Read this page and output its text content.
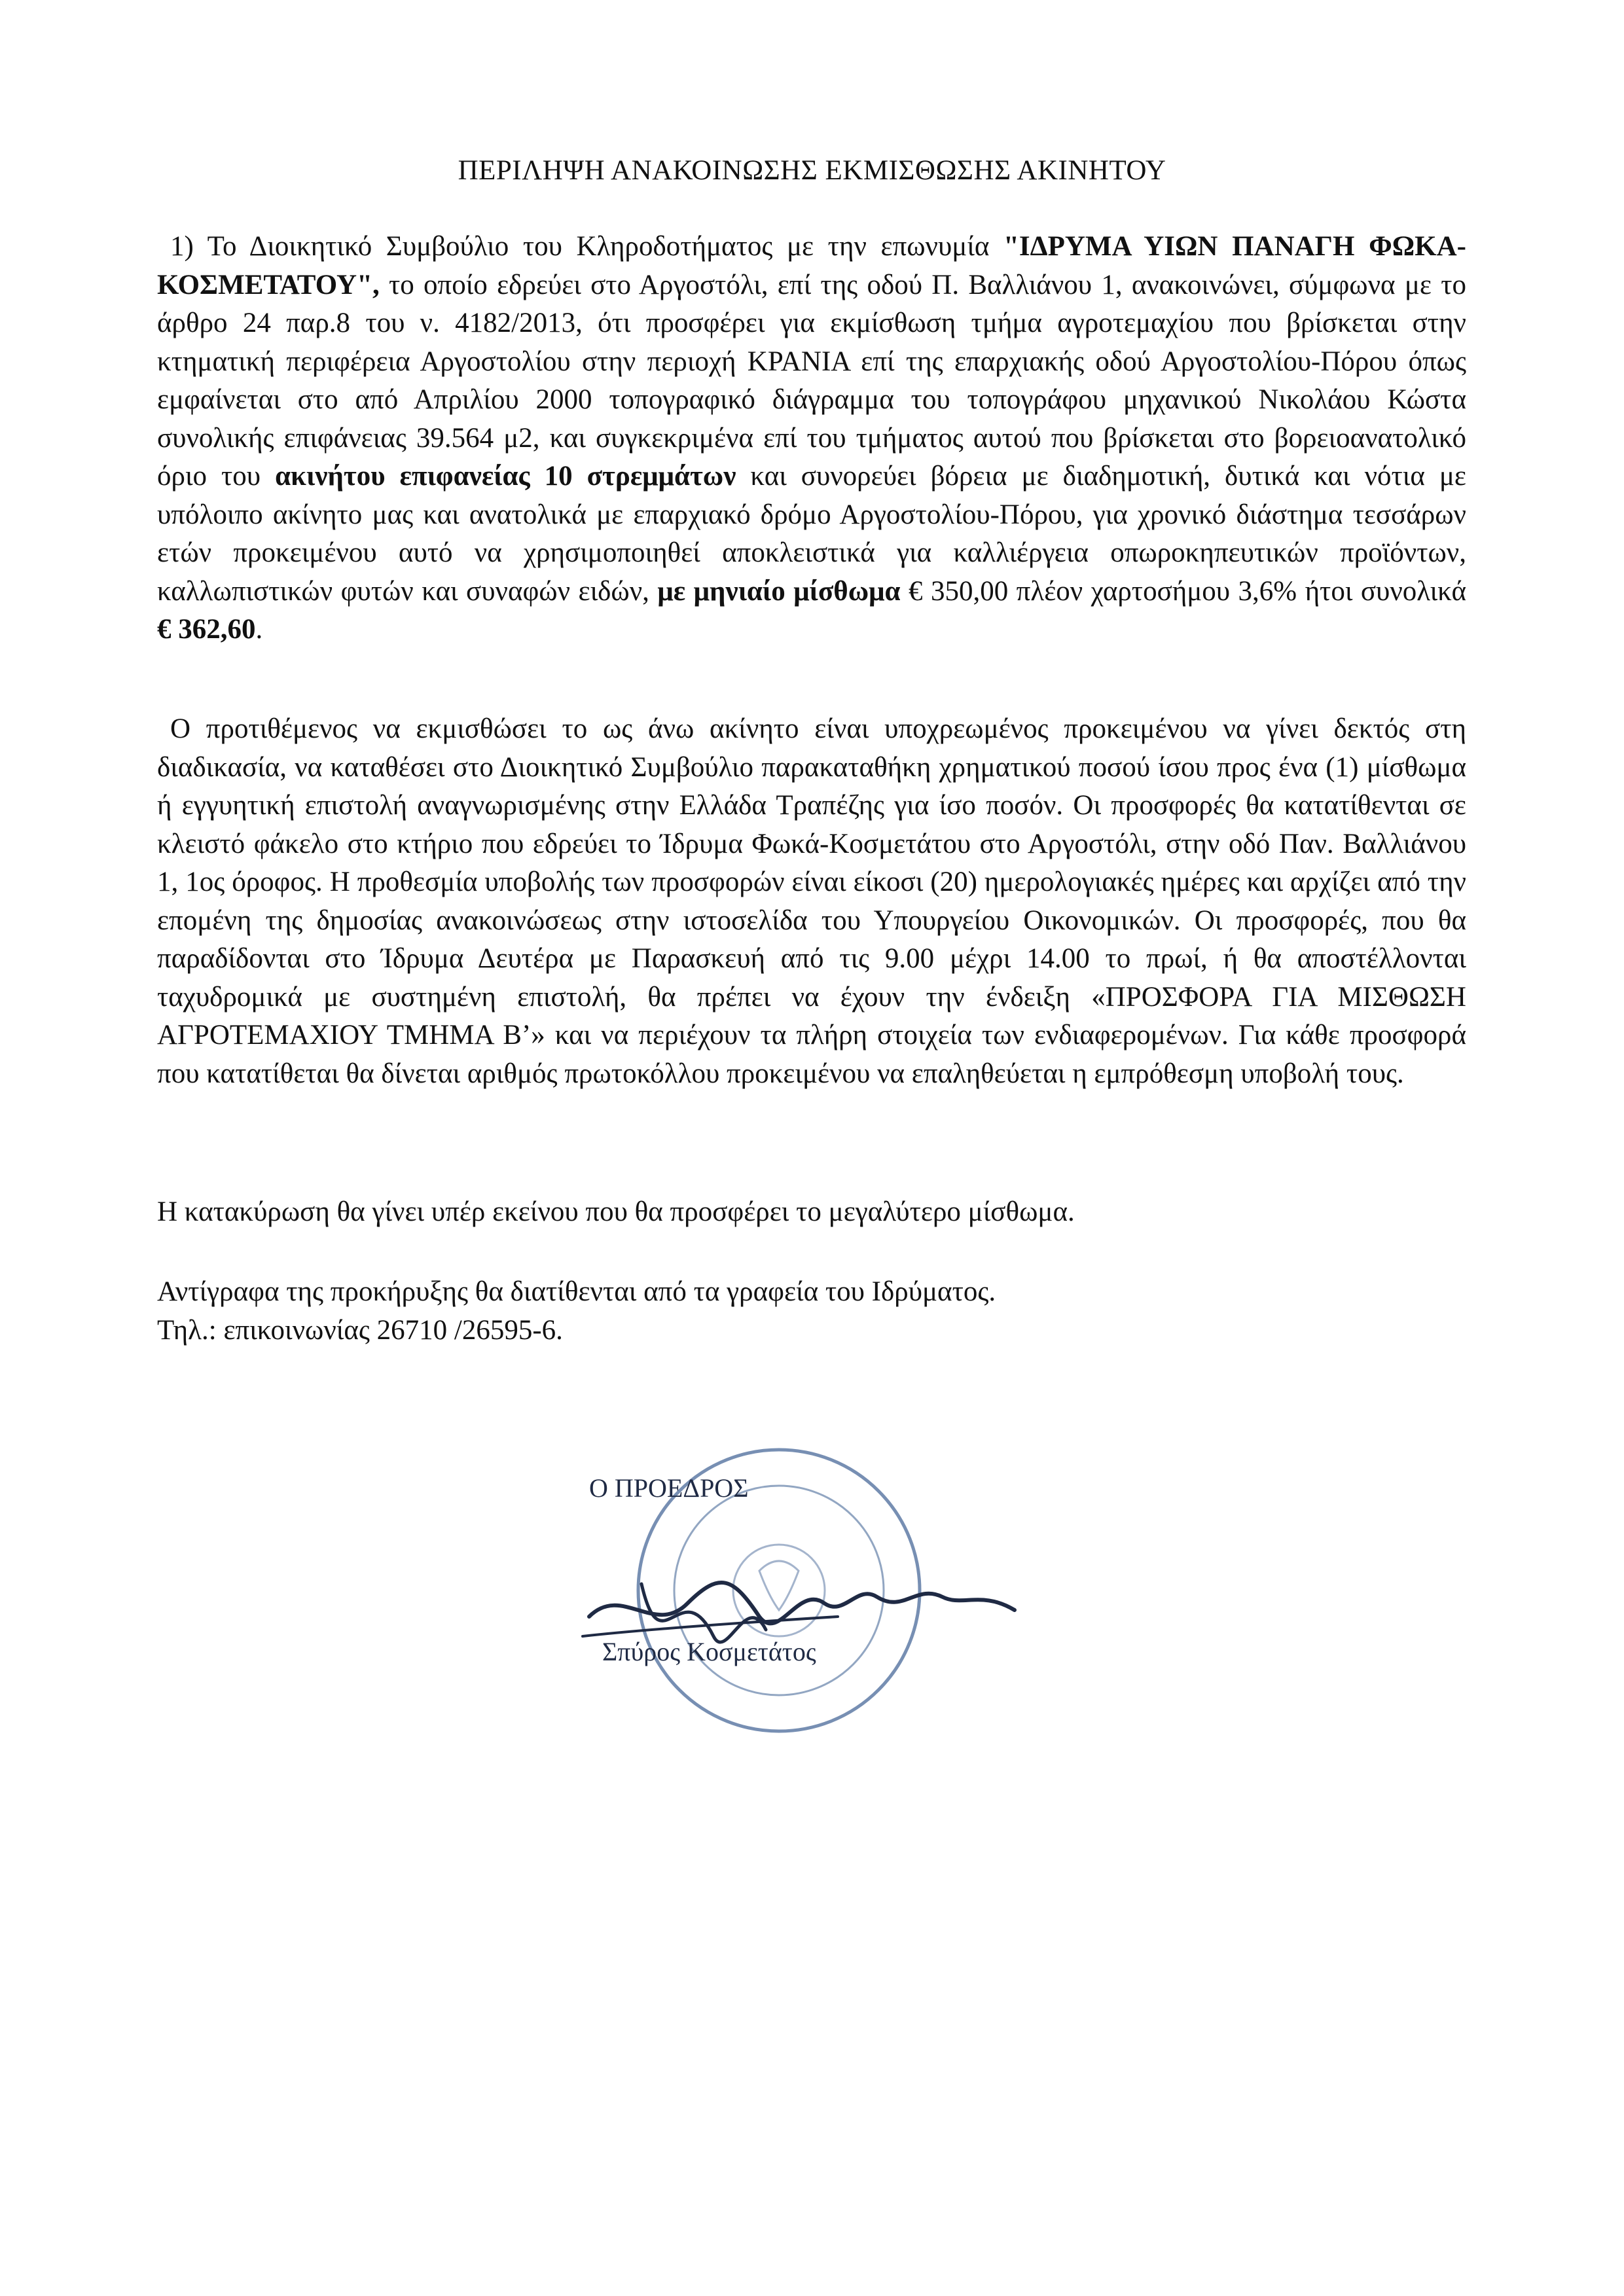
ΠΕΡΙΛΗΨΗ ΑΝΑΚΟΙΝΩΣΗΣ ΕΚΜΙΣΘΩΣΗΣ ΑΚΙΝΗΤΟΥ
1) Το Διοικητικό Συμβούλιο του Κληροδοτήματος με την επωνυμία "ΙΔΡΥΜΑ ΥΙΩΝ ΠΑΝΑΓΗ ΦΩΚΑ-ΚΟΣΜΕΤΑΤΟΥ", το οποίο εδρεύει στο Αργοστόλι, επί της οδού Π. Βαλλιάνου 1, ανακοινώνει, σύμφωνα με το άρθρο 24 παρ.8 του ν. 4182/2013, ότι προσφέρει για εκμίσθωση τμήμα αγροτεμαχίου που βρίσκεται στην κτηματική περιφέρεια Αργοστολίου στην περιοχή ΚΡΑΝΙΑ επί της επαρχιακής οδού Αργοστολίου-Πόρου όπως εμφαίνεται στο από Απριλίου 2000 τοπογραφικό διάγραμμα του τοπογράφου μηχανικού Νικολάου Κώστα συνολικής επιφάνειας 39.564 μ2, και συγκεκριμένα επί του τμήματος αυτού που βρίσκεται στο βορειοανατολικό όριο του ακινήτου επιφανείας 10 στρεμμάτων και συνορεύει βόρεια με διαδημοτική, δυτικά και νότια με υπόλοιπο ακίνητο μας και ανατολικά με επαρχιακό δρόμο Αργοστολίου-Πόρου, για χρονικό διάστημα τεσσάρων ετών προκειμένου αυτό να χρησιμοποιηθεί αποκλειστικά για καλλιέργεια οπωροκηπευτικών προϊόντων, καλλωπιστικών φυτών και συναφών ειδών, με μηνιαίο μίσθωμα € 350,00 πλέον χαρτοσήμου 3,6% ήτοι συνολικά € 362,60.
Ο προτιθέμενος να εκμισθώσει το ως άνω ακίνητο είναι υποχρεωμένος προκειμένου να γίνει δεκτός στη διαδικασία, να καταθέσει στο Διοικητικό Συμβούλιο παρακαταθήκη χρηματικού ποσού ίσου προς ένα (1) μίσθωμα ή εγγυητική επιστολή αναγνωρισμένης στην Ελλάδα Τραπέζης για ίσο ποσόν. Οι προσφορές θα κατατίθενται σε κλειστό φάκελο στο κτήριο που εδρεύει το Ίδρυμα Φωκά-Κοσμετάτου στο Αργοστόλι, στην οδό Παν. Βαλλιάνου 1, 1ος όροφος. Η προθεσμία υποβολής των προσφορών είναι είκοσι (20) ημερολογιακές ημέρες και αρχίζει από την επομένη της δημοσίας ανακοινώσεως στην ιστοσελίδα του Υπουργείου Οικονομικών. Οι προσφορές, που θα παραδίδονται στο Ίδρυμα Δευτέρα με Παρασκευή από τις 9.00 μέχρι 14.00 το πρωί, ή θα αποστέλλονται ταχυδρομικά με συστημένη επιστολή, θα πρέπει να έχουν την ένδειξη «ΠΡΟΣΦΟΡΑ ΓΙΑ ΜΙΣΘΩΣΗ ΑΓΡΟΤΕΜΑΧΙΟΥ ΤΜΗΜΑ Β’» και να περιέχουν τα πλήρη στοιχεία των ενδιαφερομένων. Για κάθε προσφορά που κατατίθεται θα δίνεται αριθμός πρωτοκόλλου προκειμένου να επαληθεύεται η εμπρόθεσμη υποβολή τους.
Η κατακύρωση θα γίνει υπέρ εκείνου που θα προσφέρει το μεγαλύτερο μίσθωμα.
Αντίγραφα της προκήρυξης θα διατίθενται από τα γραφεία του Ιδρύματος.
Τηλ.: επικοινωνίας 26710 /26595-6.
Ο ΠΡΟΕΔΡΟΣ
Σπύρος Κοσμετάτος
